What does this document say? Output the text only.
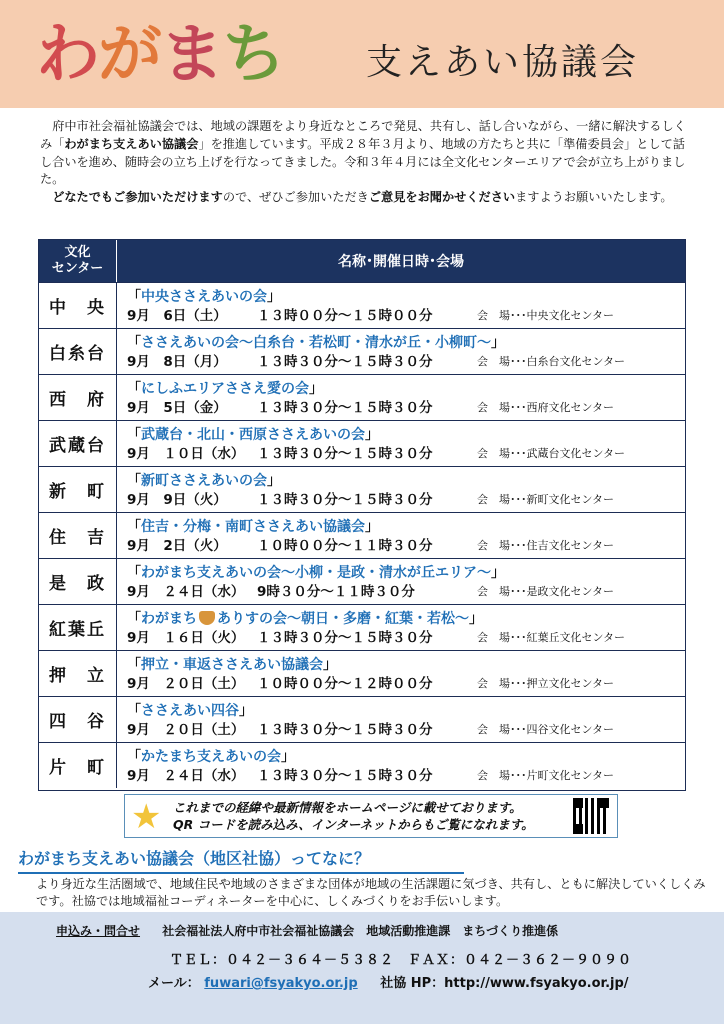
わ が ま ち 支えあい協議会

府中市社会福祉協議会では、地域の課題をより身近なところで発見、共有し、話し合いながら、一緒に解決するしくみ「わがまち支えあい協議会」を推進しています。平成２８年３月より、地域の方たちと共に「準備委員会」として話し合いを進め、随時会の立ち上げを行なってきました。令和３年４月には全文化センターエリアで会が立ち上がりました。

どなたでもご参加いただけますので、ぜひご参加いただきご意見をお聞かせくださいますようお願いいたします。

文化
センター	名称･開催日時･会場
中　央
「中央ささえあいの会」
9月　6日（土）	１３時００分～１５時００分	会　場･･･中央文化センター
白糸台
「ささえあいの会～白糸台・若松町・清水が丘・小柳町～」
9月　8日（月）	１３時３０分～１５時３０分	会　場･･･白糸台文化センター
西　府
「にしふエリアささえ愛の会」
9月　5日（金）	１３時３０分～１５時３０分	会　場･･･西府文化センター
武蔵台
「武蔵台・北山・西原ささえあいの会」
9月　１０日（水） １３時３０分～１５時３０分	会　場･･･武蔵台文化センター
新　町
「新町ささえあいの会」
9月　9日（火）	１３時３０分～１５時３０分	会　場･･･新町文化センター
住　吉
「住吉・分梅・南町ささえあい協議会」
9月　2日（火）	１０時００分～１１時３０分	会　場･･･住吉文化センター
是　政
「わがまち支えあいの会～小柳・是政・清水が丘エリア～」
9月　２４日（水） 9時３０分～１１時３０分	会　場･･･是政文化センター
紅葉丘
「わがまち ありすの会～朝日・多磨・紅葉・若松～」
9月　１６日（火） １３時３０分～１５時３０分	会　場･･･紅葉丘文化センター
押　立
「押立・車返ささえあい協議会」
9月　２０日（土） １０時００分～１２時００分	会　場･･･押立文化センター
四　谷
「ささえあい四谷」
9月　２０日（土） １３時３０分～１５時３０分	会　場･･･四谷文化センター
片　町
「かたまち支えあいの会」
9月　２４日（水） １３時３０分～１５時３０分	会　場･･･片町文化センター
★ これまでの経緯や最新情報をホームページに載せております。
QR コードを読み込み、インターネットからもご覧になれます。
わがまち支えあい協議会（地区社協）ってなに？

より身近な生活圏域で、地域住民や地域のさまざまな団体が地域の生活課題に気づき、共有し、ともに解決していくしくみです。社協では地域福祉コーディネーターを中心に、しくみづくりをお手伝いします。

申込み・問合せ 社会福祉法人府中市社会福祉協議会　地域活動推進課　まちづくり推進係
ＴＥＬ：０４２－３６４－５３８２　ＦＡＸ：０４２－３６２－９０９０
メール： fuwari@fsyakyo.or.jp 社協 HP：http://www.fsyakyo.or.jp/
